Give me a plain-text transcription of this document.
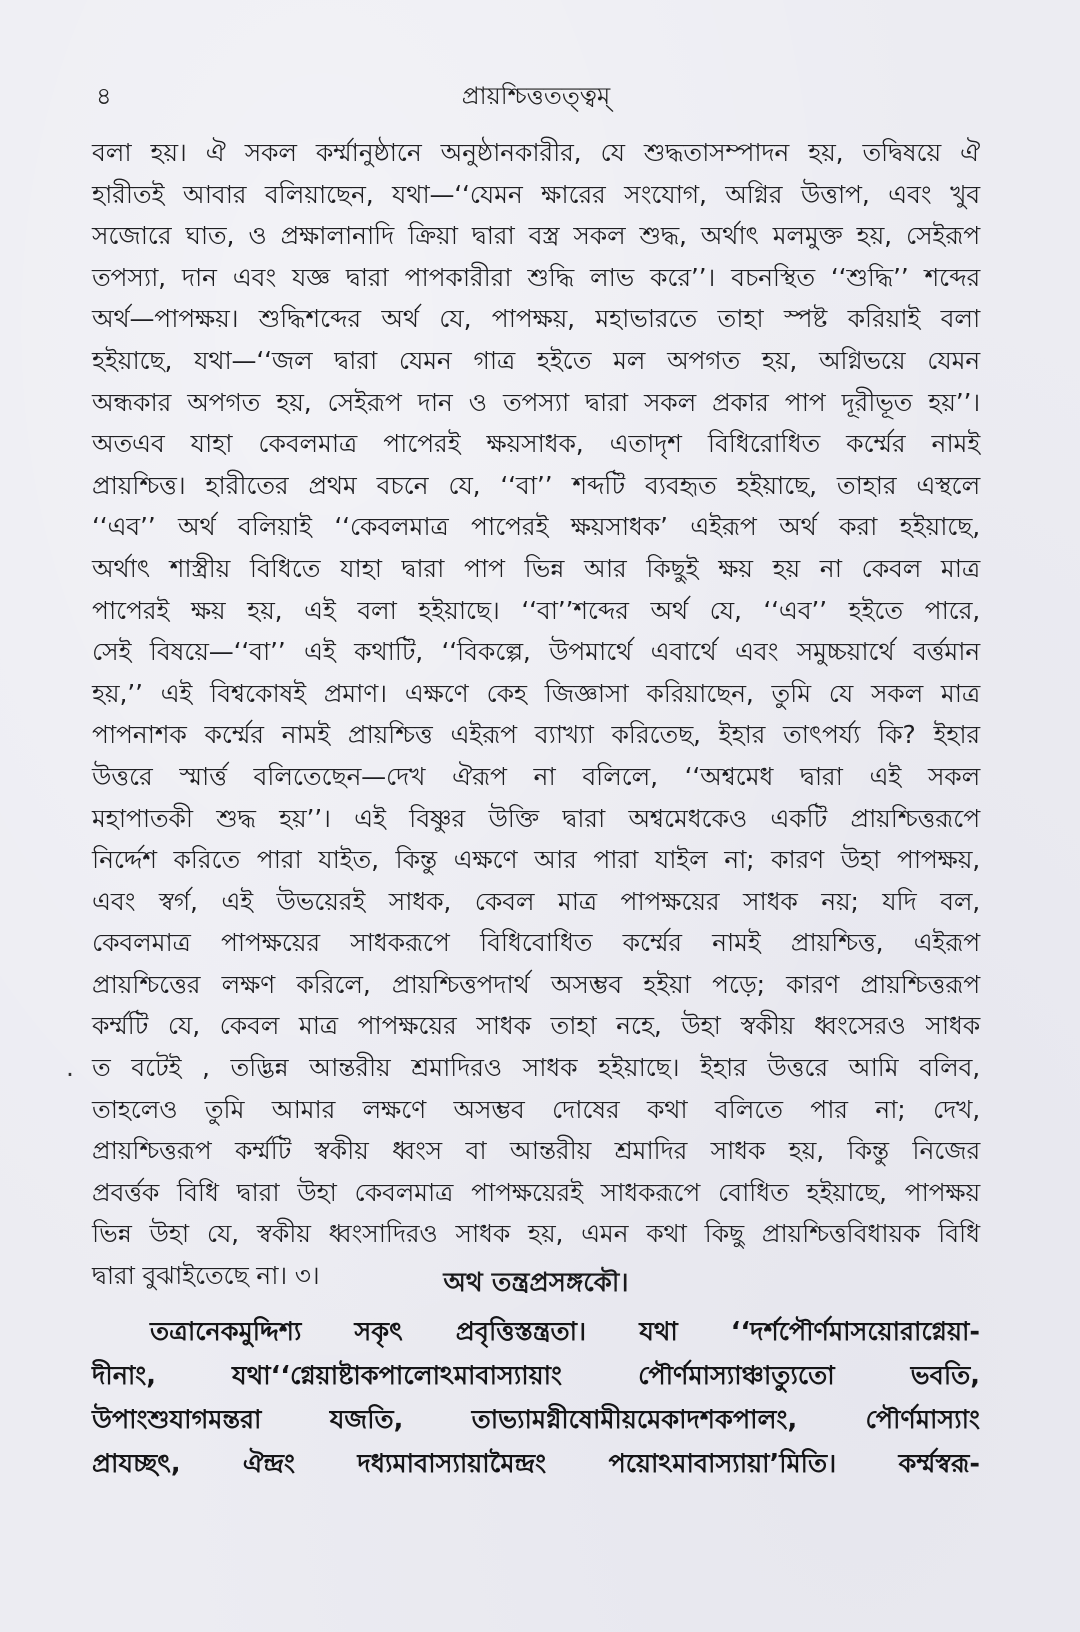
৪	প্রায়শ্চিত্ততত্ত্বম্
বলা হয়। ঐ সকল কর্ম্মানুষ্ঠানে অনুষ্ঠানকারীর, যে শুদ্ধতাসম্পাদন হয়, তদ্বিষয়ে ঐ
হারীতই আবার বলিয়াছেন, যথা—‘‘যেমন ক্ষারের সংযোগ, অগ্নির উত্তাপ, এবং খুব
সজোরে ঘাত, ও প্রক্ষালানাদি ক্রিয়া দ্বারা বস্ত্র সকল শুদ্ধ, অর্থাৎ মলমুক্ত হয়, সেইরূপ
তপস্যা, দান এবং যজ্ঞ দ্বারা পাপকারীরা শুদ্ধি লাভ করে’’। বচনস্থিত ‘‘শুদ্ধি’’ শব্দের
অর্থ—পাপক্ষয়। শুদ্ধিশব্দের অর্থ যে, পাপক্ষয়, মহাভারতে তাহা স্পষ্ট করিয়াই বলা
হইয়াছে, যথা—‘‘জল দ্বারা যেমন গাত্র হইতে মল অপগত হয়, অগ্নিভয়ে যেমন
অন্ধকার অপগত হয়, সেইরূপ দান ও তপস্যা দ্বারা সকল প্রকার পাপ দূরীভূত হয়’’।
অতএব যাহা কেবলমাত্র পাপেরই ক্ষয়সাধক, এতাদৃশ বিধিরোধিত কর্ম্মের নামই
প্রায়শ্চিত্ত। হারীতের প্রথম বচনে যে, ‘‘বা’’ শব্দটি ব্যবহৃত হইয়াছে, তাহার এস্থলে
‘‘এব’’ অর্থ বলিয়াই ‘‘কেবলমাত্র পাপেরই ক্ষয়সাধক’ এইরূপ অর্থ করা হইয়াছে,
অর্থাৎ শাস্ত্রীয় বিধিতে যাহা দ্বারা পাপ ভিন্ন আর কিছুই ক্ষয় হয় না কেবল মাত্র
পাপেরই ক্ষয় হয়, এই বলা হইয়াছে। ‘‘বা’’শব্দের অর্থ যে, ‘‘এব’’ হইতে পারে,
সেই বিষয়ে—‘‘বা’’ এই কথাটি, ‘‘বিকল্পে, উপমার্থে এবার্থে এবং সমুচ্চয়ার্থে বর্ত্তমান
হয়,’’ এই বিশ্বকোষই প্রমাণ। এক্ষণে কেহ জিজ্ঞাসা করিয়াছেন, তুমি যে সকল মাত্র
পাপনাশক কর্ম্মের নামই প্রায়শ্চিত্ত এইরূপ ব্যাখ্যা করিতেছ, ইহার তাৎপর্য্য কি? ইহার
উত্তরে স্মার্ত্ত বলিতেছেন—দেখ ঐরূপ না বলিলে, ‘‘অশ্বমেধ দ্বারা এই সকল
মহাপাতকী শুদ্ধ হয়’’। এই বিষ্ণুর উক্তি দ্বারা অশ্বমেধকেও একটি প্রায়শ্চিত্তরূপে
নির্দ্দেশ করিতে পারা যাইত, কিন্তু এক্ষণে আর পারা যাইল না; কারণ উহা পাপক্ষয়,
এবং স্বর্গ, এই উভয়েরই সাধক, কেবল মাত্র পাপক্ষয়ের সাধক নয়; যদি বল,
কেবলমাত্র পাপক্ষয়ের সাধকরূপে বিধিবোধিত কর্ম্মের নামই প্রায়শ্চিত্ত, এইরূপ
প্রায়শ্চিত্তের লক্ষণ করিলে, প্রায়শ্চিত্তপদার্থ অসম্ভব হইয়া পড়ে; কারণ প্রায়শ্চিত্তরূপ
কর্ম্মটি যে, কেবল মাত্র পাপক্ষয়ের সাধক তাহা নহে, উহা স্বকীয় ধ্বংসেরও সাধক
. ত বটেই , তদ্ভিন্ন আন্তরীয় শ্রমাদিরও সাধক হইয়াছে। ইহার উত্তরে আমি বলিব,
তাহলেও তুমি আমার লক্ষণে অসম্ভব দোষের কথা বলিতে পার না; দেখ,
প্রায়শ্চিত্তরূপ কর্ম্মটি স্বকীয় ধ্বংস বা আন্তরীয় শ্রমাদির সাধক হয়, কিন্তু নিজের
প্রবর্ত্তক বিধি দ্বারা উহা কেবলমাত্র পাপক্ষয়েরই সাধকরূপে বোধিত হইয়াছে, পাপক্ষয়
ভিন্ন উহা যে, স্বকীয় ধ্বংসাদিরও সাধক হয়, এমন কথা কিছু প্রায়শ্চিত্তবিধায়ক বিধি
দ্বারা বুঝাইতেছে না। ৩।	অথ তন্ত্রপ্রসঙ্গকৌ।
তত্রানেকমুদ্দিশ্য সকৃৎ প্রবৃত্তিস্তন্ত্রতা। যথা ‘‘দর্শপৌর্ণমাসয়োরাগ্নেয়া-
দীনাং, যথা‘‘গ্নেয়াষ্টাকপালোঽমাবাস্যায়াং পৌর্ণমাস্যাঞ্চাত্যুতো ভবতি,
উপাংশুযাগমন্তরা যজতি, তাভ্যামগ্নীষোমীয়মেকাদশকপালং, পৌর্ণমাস্যাং
প্রাযচ্ছৎ, ঐন্দ্রং দধ্যমাবাস্যায়ামৈন্দ্রং পয়োঽমাবাস্যায়া’মিতি। কর্ম্মস্বরূ-
